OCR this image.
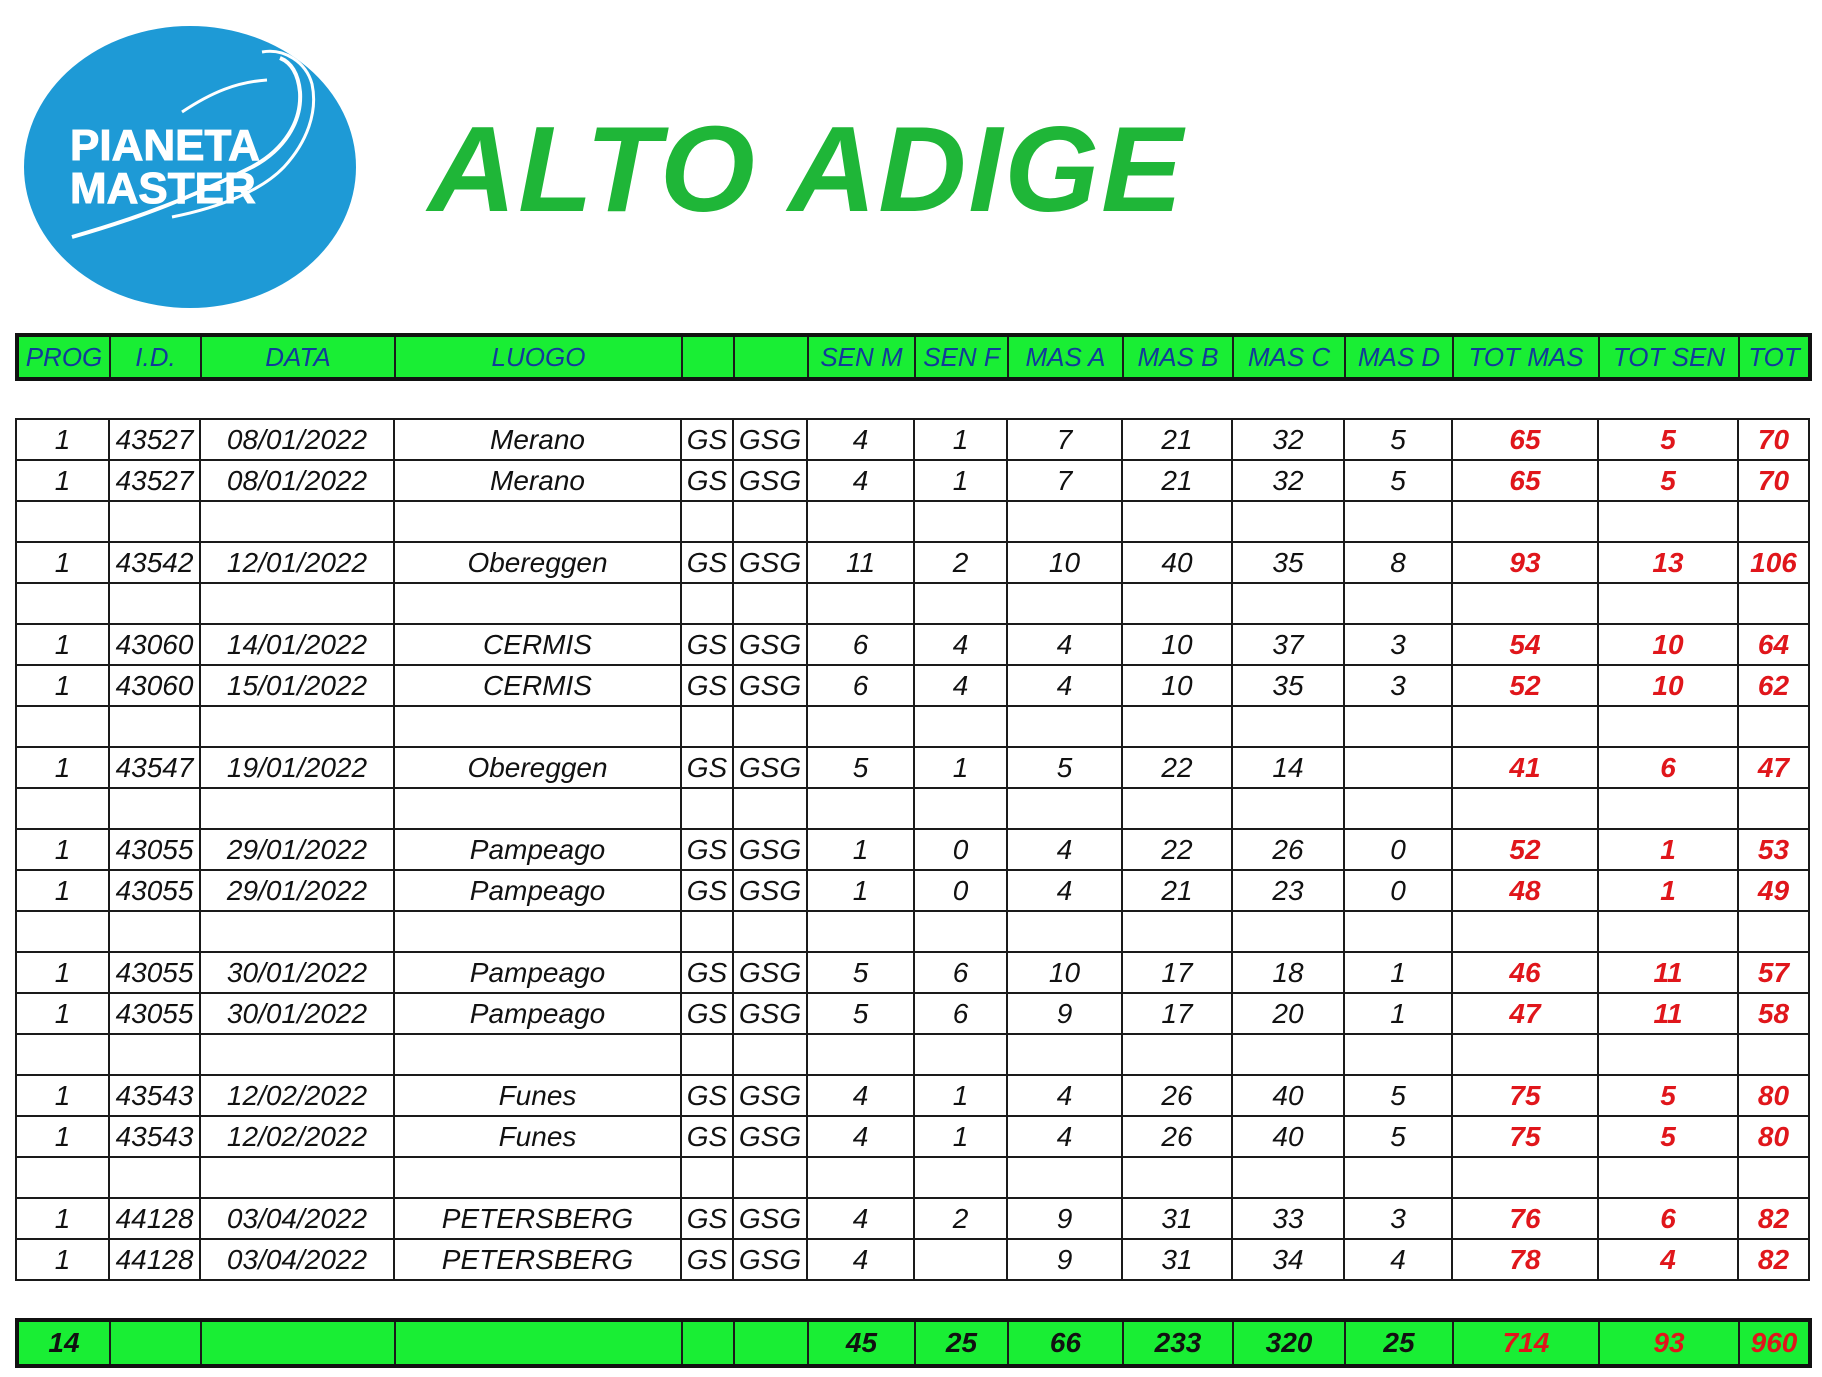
PIANETA
MASTER ALTO ADIGE
PROG	I.D.	DATA	LUOGO			SEN M	SEN F	MAS A	MAS B	MAS C	MAS D	TOT MAS	TOT SEN	TOT
1	43527	08/01/2022	Merano	GS	GSG	4	1	7	21	32	5	65	5	70
1	43527	08/01/2022	Merano	GS	GSG	4	1	7	21	32	5	65	5	70

1	43542	12/01/2022	Obereggen	GS	GSG	11	2	10	40	35	8	93	13	106

1	43060	14/01/2022	CERMIS	GS	GSG	6	4	4	10	37	3	54	10	64
1	43060	15/01/2022	CERMIS	GS	GSG	6	4	4	10	35	3	52	10	62

1	43547	19/01/2022	Obereggen	GS	GSG	5	1	5	22	14		41	6	47

1	43055	29/01/2022	Pampeago	GS	GSG	1	0	4	22	26	0	52	1	53
1	43055	29/01/2022	Pampeago	GS	GSG	1	0	4	21	23	0	48	1	49

1	43055	30/01/2022	Pampeago	GS	GSG	5	6	10	17	18	1	46	11	57
1	43055	30/01/2022	Pampeago	GS	GSG	5	6	9	17	20	1	47	11	58

1	43543	12/02/2022	Funes	GS	GSG	4	1	4	26	40	5	75	5	80
1	43543	12/02/2022	Funes	GS	GSG	4	1	4	26	40	5	75	5	80

1	44128	03/04/2022	PETERSBERG	GS	GSG	4	2	9	31	33	3	76	6	82
1	44128	03/04/2022	PETERSBERG	GS	GSG	4		9	31	34	4	78	4	82
14						45	25	66	233	320	25	714	93	960
